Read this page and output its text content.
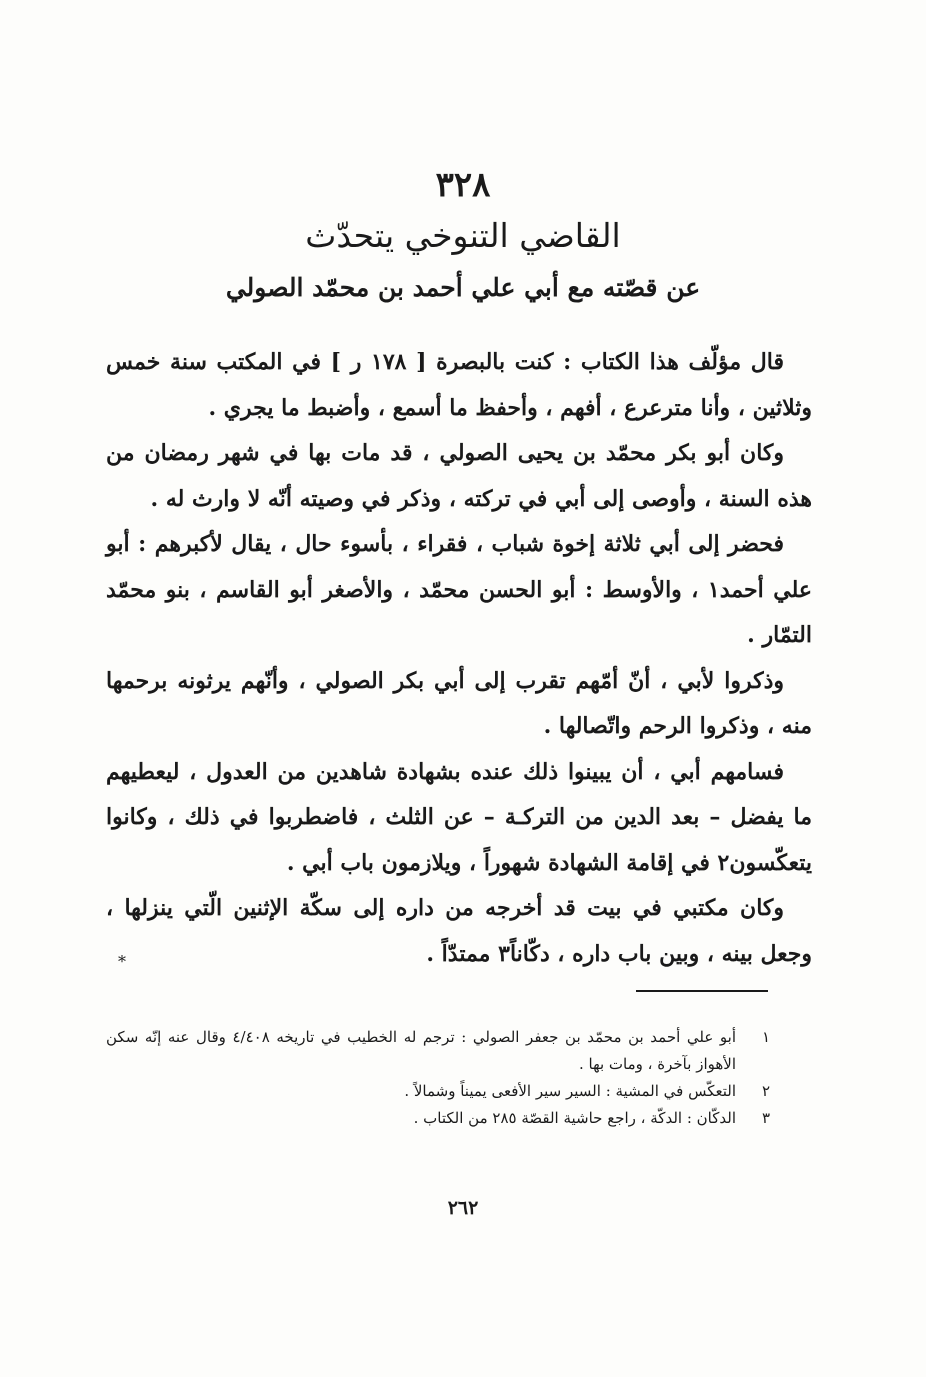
٣٢٨
القاضي التنوخي يتحدّث
عن قصّته مع أبي علي أحمد بن محمّد الصولي

قال مؤلّف هذا الكتاب : كنت بالبصرة [ ١٧٨ ر ] في المكتب سنة خمس وثلاثين ، وأنا مترعرع ، أفهم ، وأحفظ ما أسمع ، وأضبط ما يجري .

وكان أبو بكر محمّد بن يحيى الصولي ، قد مات بها في شهر رمضان من هذه السنة ، وأوصى إلى أبي في تركته ، وذكر في وصيته أنّه لا وارث له .

فحضر إلى أبي ثلاثة إخوة شباب ، فقراء ، بأسوء حال ، يقال لأكبرهم : أبو علي أحمد١ ، والأوسط : أبو الحسن محمّد ، والأصغر أبو القاسم ، بنو محمّد التمّار .

وذكروا لأبي ، أنّ أمّهم تقرب إلى أبي بكر الصولي ، وأنّهم يرثونه برحمها منه ، وذكروا الرحم واتّصالها .

فسامهم أبي ، أن يبينوا ذلك عنده بشهادة شاهدين من العدول ، ليعطيهم ما يفضل – بعد الدين من التركـة – عن الثلث ، فاضطربوا في ذلك ، وكانوا يتعكّسون٢ في إقامة الشهادة شهوراً ، ويلازمون باب أبي .

وكان مكتبي في بيت قد أخرجه من داره إلى سكّة الإثنين الّتي ينزلها ، وجعل بينه ، وبين باب داره ، دكّاناً٣ ممتدّاً .

*
١
أبو علي أحمد بن محمّد بن جعفر الصولي : ترجم له الخطيب في تاريخه ٤/٤٠٨ وقال عنه إنّه سكن الأهواز بآخرة ، ومات بها .
٢
التعكّس في المشية : السير سير الأفعى يميناً وشمالاً .
٣
الدكّان : الدكّة ، راجع حاشية القصّة ٢٨٥ من الكتاب .
٢٦٢
